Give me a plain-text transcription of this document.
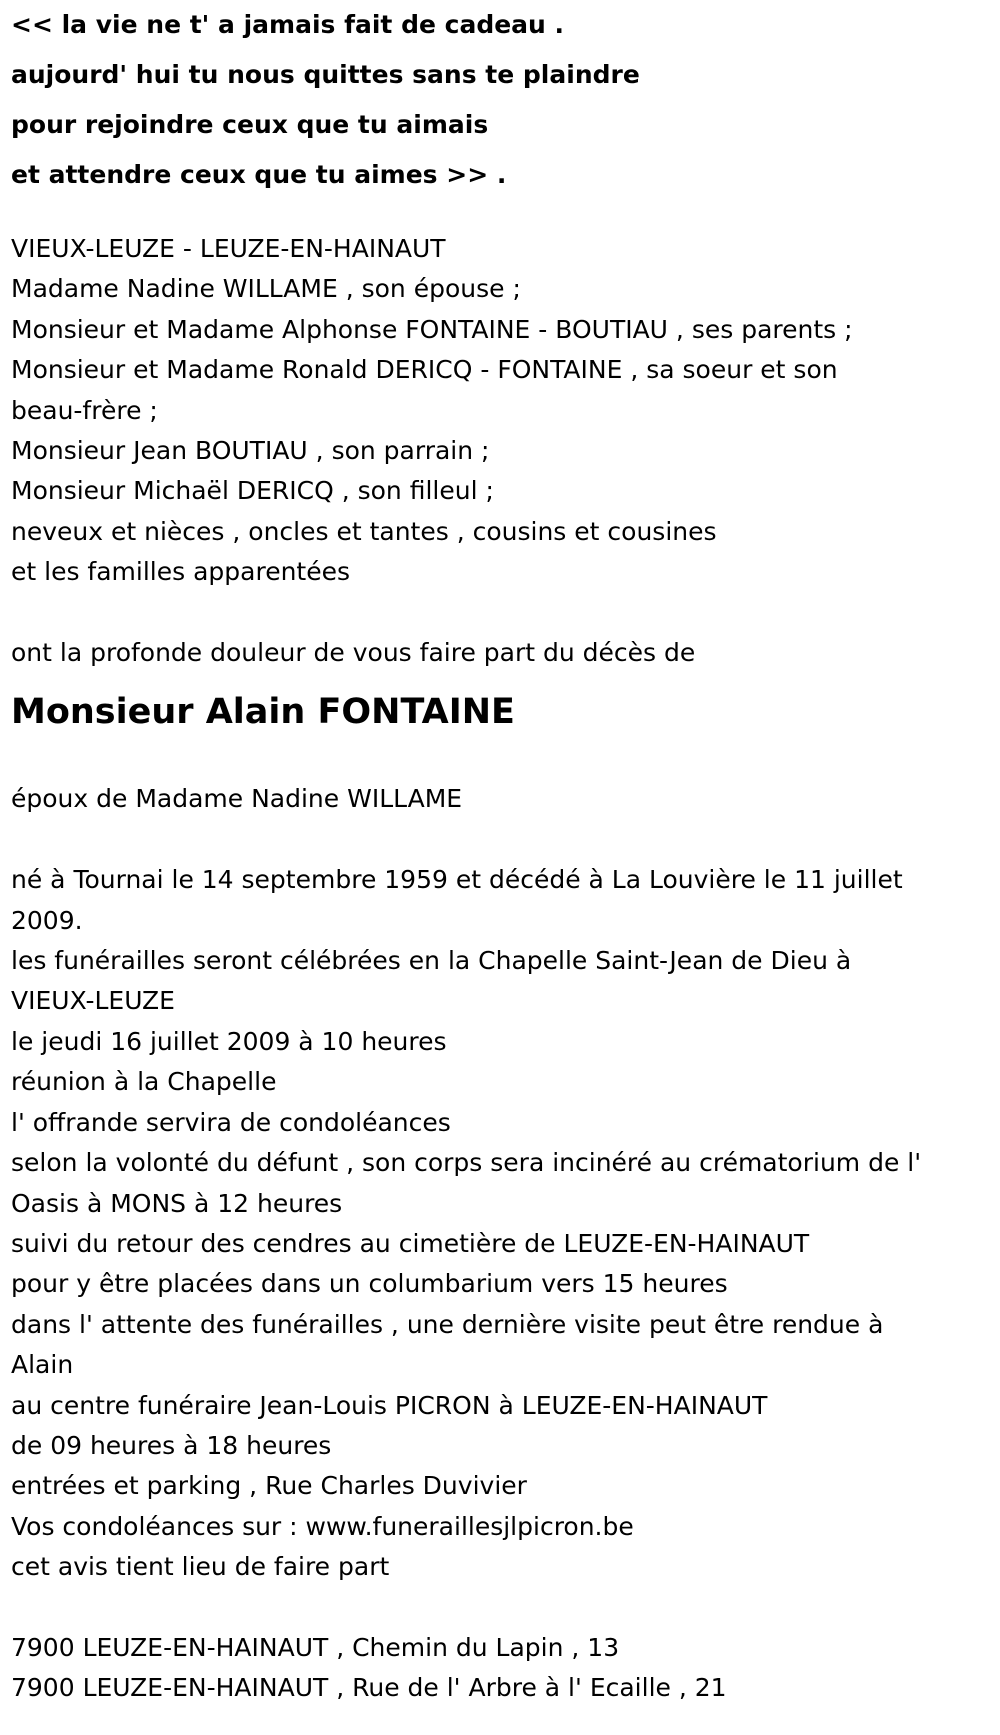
<< la vie ne t' a jamais fait de cadeau .
aujourd' hui tu nous quittes sans te plaindre
pour rejoindre ceux que tu aimais
et attendre ceux que tu aimes >> .
VIEUX-LEUZE - LEUZE-EN-HAINAUT
Madame Nadine WILLAME , son épouse ;
Monsieur et Madame Alphonse FONTAINE - BOUTIAU , ses parents ;
Monsieur et Madame Ronald DERICQ - FONTAINE , sa soeur et son
beau-frère ;
Monsieur Jean BOUTIAU , son parrain ;
Monsieur Michaël DERICQ , son filleul ;
neveux et nièces , oncles et tantes , cousins et cousines
et les familles apparentées
ont la profonde douleur de vous faire part du décès de
Monsieur Alain FONTAINE
époux de Madame Nadine WILLAME
né à Tournai le 14 septembre 1959 et décédé à La Louvière le 11 juillet
2009.
les funérailles seront célébrées en la Chapelle Saint-Jean de Dieu à
VIEUX-LEUZE
le jeudi 16 juillet 2009 à 10 heures
réunion à la Chapelle
l' offrande servira de condoléances
selon la volonté du défunt , son corps sera incinéré au crématorium de l'
Oasis à MONS à 12 heures
suivi du retour des cendres au cimetière de LEUZE-EN-HAINAUT
pour y être placées dans un columbarium vers 15 heures
dans l' attente des funérailles , une dernière visite peut être rendue à
Alain
au centre funéraire Jean-Louis PICRON à LEUZE-EN-HAINAUT
de 09 heures à 18 heures
entrées et parking , Rue Charles Duvivier
Vos condoléances sur : www.funeraillesjlpicron.be
cet avis tient lieu de faire part
7900 LEUZE-EN-HAINAUT , Chemin du Lapin , 13
7900 LEUZE-EN-HAINAUT , Rue de l' Arbre à l' Ecaille , 21
